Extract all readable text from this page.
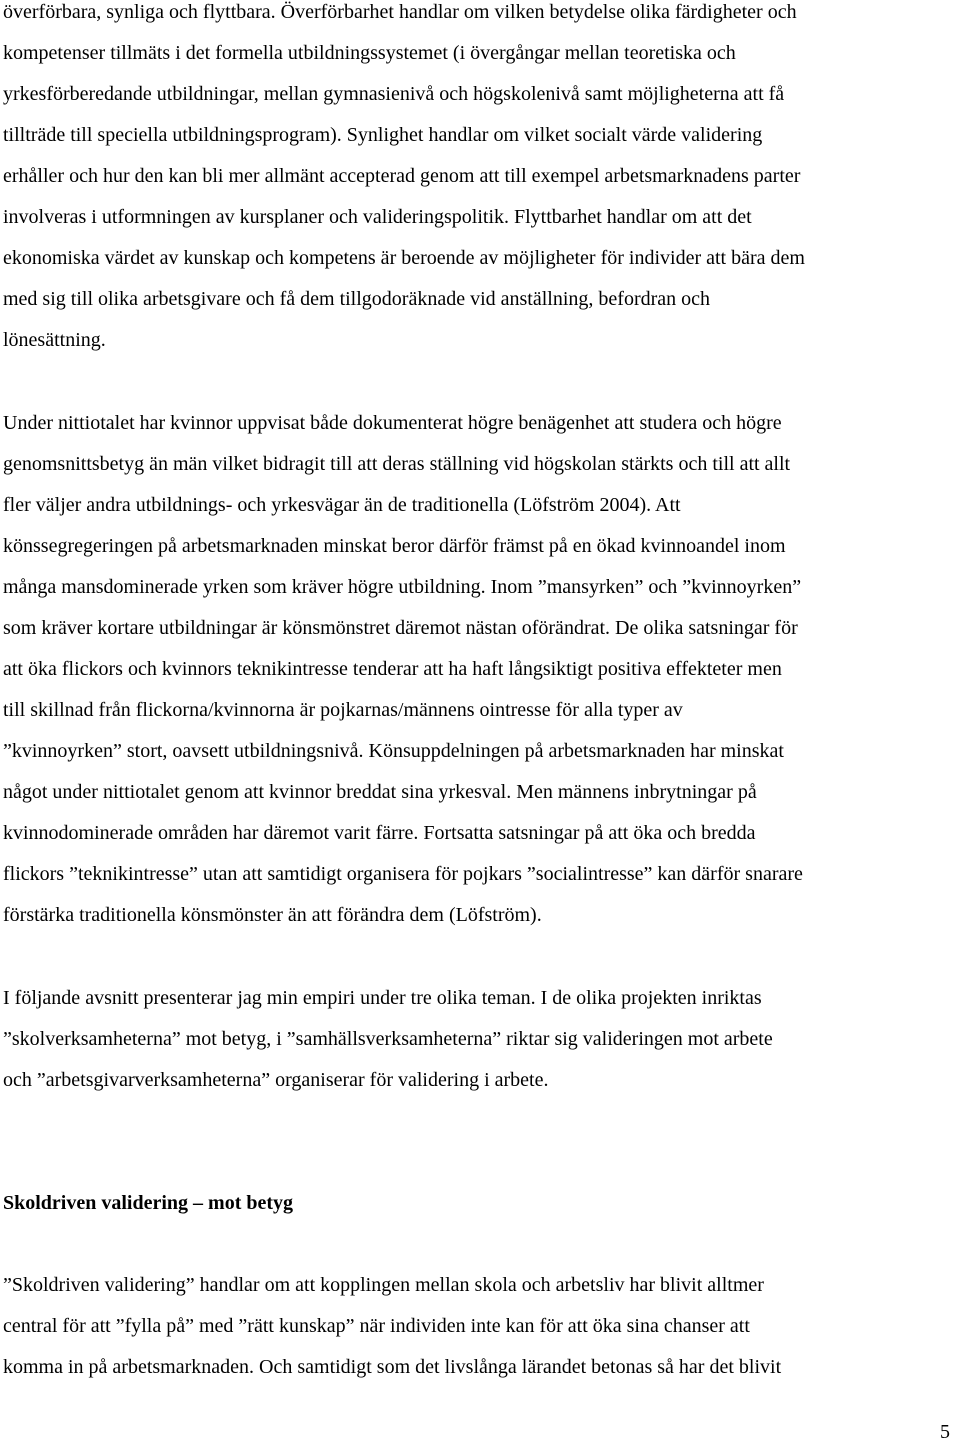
överförbara, synliga och flyttbara. Överförbarhet handlar om vilken betydelse olika färdigheter och
kompetenser tillmäts i det formella utbildningssystemet (i övergångar mellan teoretiska och
yrkesförberedande utbildningar, mellan gymnasienivå och högskolenivå samt möjligheterna att få
tillträde till speciella utbildningsprogram). Synlighet handlar om vilket socialt värde validering
erhåller och hur den kan bli mer allmänt accepterad genom att till exempel arbetsmarknadens parter
involveras i utformningen av kursplaner och valideringspolitik. Flyttbarhet handlar om att det
ekonomiska värdet av kunskap och kompetens är beroende av möjligheter för individer att bära dem
med sig till olika arbetsgivare och få dem tillgodoräknade vid anställning, befordran och
lönesättning.
Under nittiotalet har kvinnor uppvisat både dokumenterat högre benägenhet att studera och högre
genomsnittsbetyg än män vilket bidragit till att deras ställning vid högskolan stärkts och till att allt
fler väljer andra utbildnings- och yrkesvägar än de traditionella (Löfström 2004). Att
könssegregeringen på arbetsmarknaden minskat beror därför främst på en ökad kvinnoandel inom
många mansdominerade yrken som kräver högre utbildning. Inom ”mansyrken” och ”kvinnoyrken”
som kräver kortare utbildningar är könsmönstret däremot nästan oförändrat. De olika satsningar för
att öka flickors och kvinnors teknikintresse tenderar att ha haft långsiktigt positiva effekteter men
till skillnad från flickorna/kvinnorna är pojkarnas/männens ointresse för alla typer av
”kvinnoyrken” stort, oavsett utbildningsnivå. Könsuppdelningen på arbetsmarknaden har minskat
något under nittiotalet genom att kvinnor breddat sina yrkesval. Men männens inbrytningar på
kvinnodominerade områden har däremot varit färre. Fortsatta satsningar på att öka och bredda
flickors ”teknikintresse” utan att samtidigt organisera för pojkars ”socialintresse” kan därför snarare
förstärka traditionella könsmönster än att förändra dem (Löfström).
I följande avsnitt presenterar jag min empiri under tre olika teman. I de olika projekten inriktas
”skolverksamheterna” mot betyg, i ”samhällsverksamheterna” riktar sig valideringen mot arbete
och ”arbetsgivarverksamheterna” organiserar för validering i arbete.
Skoldriven validering – mot betyg
”Skoldriven validering” handlar om att kopplingen mellan skola och arbetsliv har blivit alltmer
central för att ”fylla på” med ”rätt kunskap” när individen inte kan för att öka sina chanser att
komma in på arbetsmarknaden. Och samtidigt som det livslånga lärandet betonas så har det blivit
5
